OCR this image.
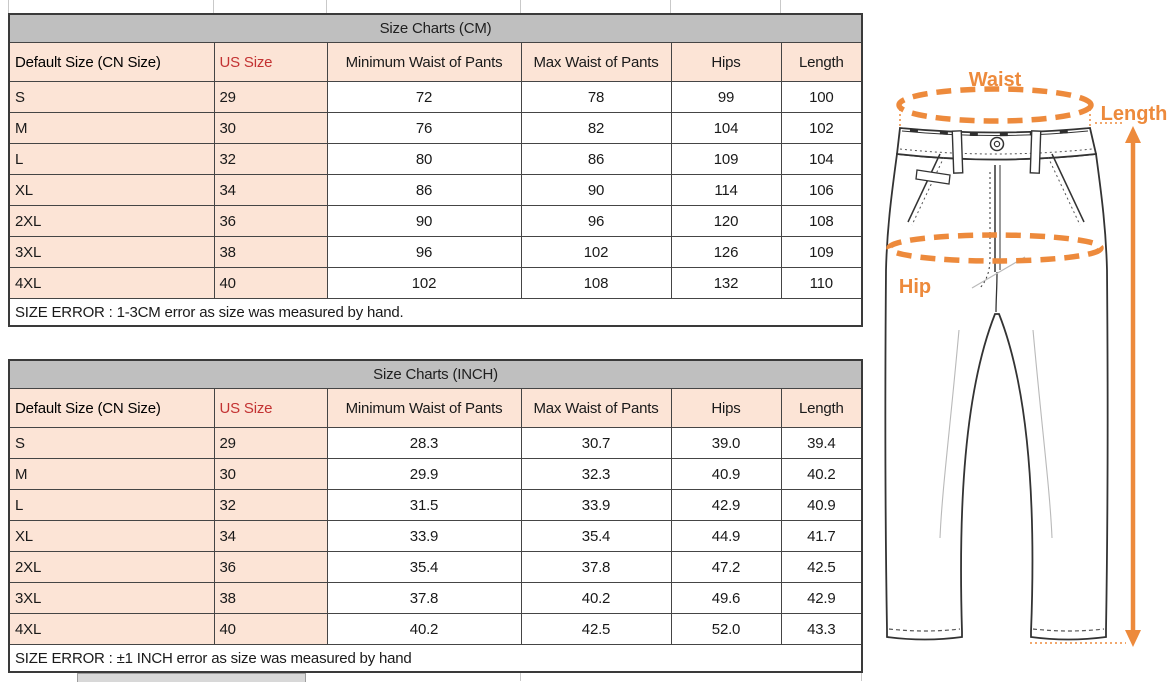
Size Charts (CM)					
Default Size (CN Size)	US Size	Minimum Waist of Pants	Max Waist of Pants	Hips	Length
S	29	72	78	99	100
M	30	76	82	104	102
L	32	80	86	109	104
XL	34	86	90	114	106
2XL	36	90	96	120	108
3XL	38	96	102	126	109
4XL	40	102	108	132	110
SIZE ERROR : 1-3CM error as size was measured by hand.					
Size Charts (INCH)					
Default Size (CN Size)	US Size	Minimum Waist of Pants	Max Waist of Pants	Hips	Length
S	29	28.3	30.7	39.0	39.4
M	30	29.9	32.3	40.9	40.2
L	32	31.5	33.9	42.9	40.9
XL	34	33.9	35.4	44.9	41.7
2XL	36	35.4	37.8	47.2	42.5
3XL	38	37.8	40.2	49.6	42.9
4XL	40	40.2	42.5	52.0	43.3
SIZE ERROR : ±1 INCH error as size was measured by hand					
Waist
Hip
Length
